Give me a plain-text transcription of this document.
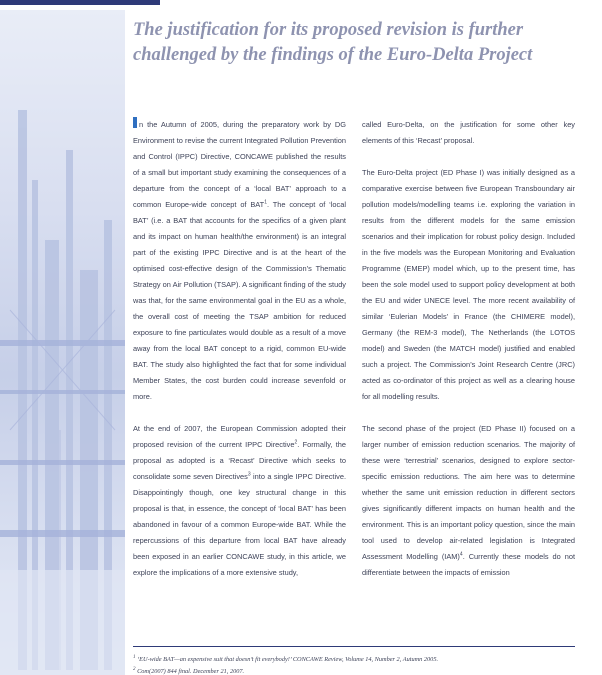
The justification for its proposed revision is further challenged by the findings of the Euro-Delta Project

n the Autumn of 2005, during the preparatory work by DG Environment to revise the current Integrated Pollution Prevention and Control (IPPC) Directive, CONCAWE published the results of a small but important study examining the consequences of a departure from the concept of a ‘local BAT’ approach to a common Europe-wide concept of BAT$^1$. The concept of ‘local BAT’ (i.e. a BAT that accounts for the specifics of a given plant and its impact on human health/the environment) is an integral part of the existing IPPC Directive and is at the heart of the optimised cost-effective design of the Commission’s Thematic Strategy on Air Pollution (TSAP). A significant finding of the study was that, for the same environmental goal in the EU as a whole, the overall cost of meeting the TSAP ambition for reduced exposure to fine particulates would double as a result of a move away from the local BAT concept to a rigid, common EU-wide BAT. The study also highlighted the fact that for some individual Member States, the cost burden could increase sevenfold or more.

At the end of 2007, the European Commission adopted their proposed revision of the current IPPC Directive$^2$. Formally, the proposal as adopted is a ‘Recast’ Directive which seeks to consolidate some seven Directives$^3$ into a single IPPC Directive. Disappointingly though, one key structural change in this proposal is that, in essence, the concept of ‘local BAT’ has been abandoned in favour of a common Europe-wide BAT. While the repercussions of this departure from local BAT have already been exposed in an earlier CONCAWE study, in this article, we explore the implications of a more extensive study,

called Euro-Delta, on the justification for some other key elements of this ‘Recast’ proposal.

The Euro-Delta project (ED Phase I) was initially designed as a comparative exercise between five European Transboundary air pollution models/modelling teams i.e. exploring the variation in results from the different models for the same emission scenarios and their implication for robust policy design. Included in the five models was the European Monitoring and Evaluation Programme (EMEP) model which, up to the present time, has been the sole model used to support policy development at both the EU and wider UNECE level. The more recent availability of similar ‘Eulerian Models’ in France (the CHIMERE model), Germany (the REM-3 model), The Netherlands (the LOTOS model) and Sweden (the MATCH model) justified and enabled such a project. The Commission’s Joint Research Centre (JRC) acted as co-ordinator of this project as well as a clearing house for all modelling results.

The second phase of the project (ED Phase II) focused on a larger number of emission reduction scenarios. The majority of these were ‘terrestrial’ scenarios, designed to explore sector-specific emission reductions. The aim here was to determine whether the same unit emission reduction in different sectors gives significantly different impacts on human health and the environment. This is an important policy question, since the main tool used to develop air-related legislation is Integrated Assessment Modelling (IAM)$^4$. Currently these models do not differentiate between the impacts of emission

$^1$ ‘EU-wide BAT—an expensive suit that doesn’t fit everybody!’ CONCAWE Review, Volume 14, Number 2, Autumn 2005.
$^2$ Com(2007) 844 final. December 21, 2007.
